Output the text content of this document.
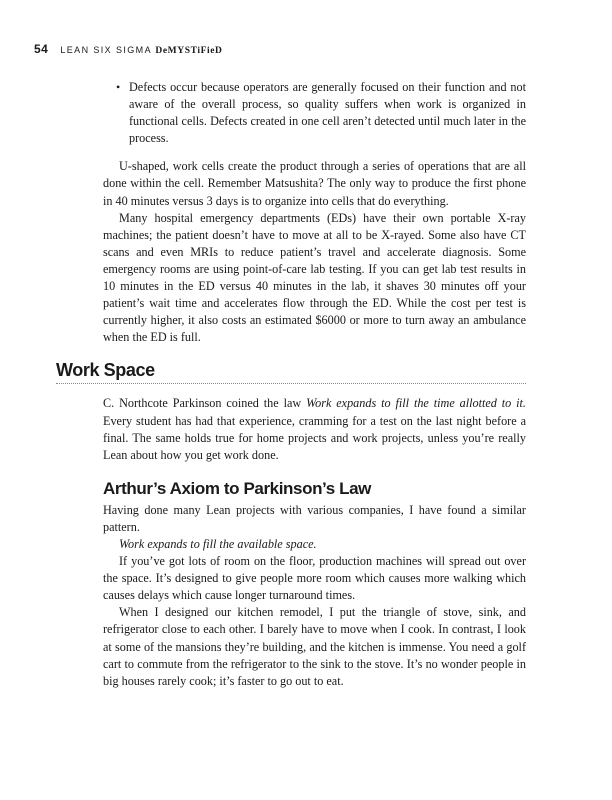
54 LEAN SIX SIGMA DeMYSTiFieD
• Defects occur because operators are generally focused on their function and not aware of the overall process, so quality suffers when work is organized in functional cells. Defects created in one cell aren’t detected until much later in the process.

U-shaped, work cells create the product through a series of operations that are all done within the cell. Remember Matsushita? The only way to produce the first phone in 40 minutes versus 3 days is to organize into cells that do everything.

Many hospital emergency departments (EDs) have their own portable X-ray machines; the patient doesn’t have to move at all to be X-rayed. Some also have CT scans and even MRIs to reduce patient’s travel and accelerate diagnosis. Some emergency rooms are using point-of-care lab testing. If you can get lab test results in 10 minutes in the ED versus 40 minutes in the lab, it shaves 30 minutes off your patient’s wait time and accelerates flow through the ED. While the cost per test is currently higher, it also costs an estimated $6000 or more to turn away an ambulance when the ED is full.

Work Space

C. Northcote Parkinson coined the law Work expands to fill the time allotted to it. Every student has had that experience, cramming for a test on the last night before a final. The same holds true for home projects and work projects, unless you’re really Lean about how you get work done.

Arthur’s Axiom to Parkinson’s Law

Having done many Lean projects with various companies, I have found a similar pattern.

Work expands to fill the available space.

If you’ve got lots of room on the floor, production machines will spread out over the space. It’s designed to give people more room which causes more walking which causes delays which cause longer turnaround times.

When I designed our kitchen remodel, I put the triangle of stove, sink, and refrigerator close to each other. I barely have to move when I cook. In contrast, I look at some of the mansions they’re building, and the kitchen is immense. You need a golf cart to commute from the refrigerator to the sink to the stove. It’s no wonder people in big houses rarely cook; it’s faster to go out to eat.
